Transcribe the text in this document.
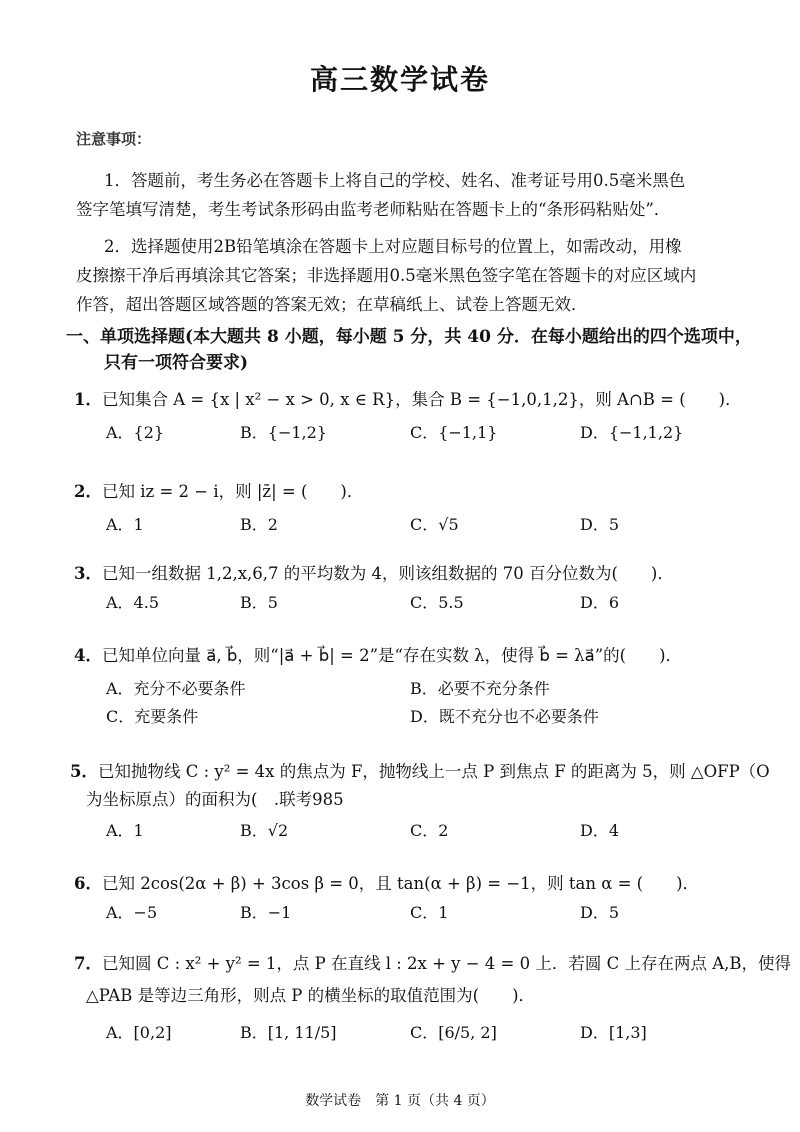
高三数学试卷
注意事项：
1．答题前，考生务必在答题卡上将自己的学校、姓名、准考证号用0.5毫米黑色
签字笔填写清楚，考生考试条形码由监考老师粘贴在答题卡上的“条形码粘贴处”．
2．选择题使用2B铅笔填涂在答题卡上对应题目标号的位置上，如需改动，用橡
皮擦擦干净后再填涂其它答案；非选择题用0.5毫米黑色签字笔在答题卡的对应区域内
作答，超出答题区域答题的答案无效；在草稿纸上、试卷上答题无效．
一、单项选择题(本大题共 8 小题，每小题 5 分，共 40 分．在每小题给出的四个选项中，
只有一项符合要求)
1．已知集合 A = {x | x² − x > 0, x ∈ R}，集合 B = {−1,0,1,2}，则 A∩B = (　　)．
A．{2}	B．{−1,2}	C．{−1,1}	D．{−1,1,2}
2．已知 iz = 2 − i，则 |z̄| = (　　)．
A．1	B．2	C．√5	D．5
3．已知一组数据 1,2,x,6,7 的平均数为 4，则该组数据的 70 百分位数为(　　)．
A．4.5	B．5	C．5.5	D．6
4．已知单位向量 a⃗, b⃗，则“|a⃗ + b⃗| = 2”是“存在实数 λ，使得 b⃗ = λa⃗”的(　　)．
A．充分不必要条件	B．必要不充分条件
C．充要条件	D．既不充分也不必要条件
5．已知抛物线 C : y² = 4x 的焦点为 F，抛物线上一点 P 到焦点 F 的距离为 5，则 △OFP（O
为坐标原点）的面积为(　.联考985
A．1	B．√2	C．2	D．4
6．已知 2cos(2α + β) + 3cos β = 0，且 tan(α + β) = −1，则 tan α = (　　)．
A．−5	B．−1	C．1	D．5
7．已知圆 C : x² + y² = 1，点 P 在直线 l : 2x + y − 4 = 0 上．若圆 C 上存在两点 A,B，使得
△PAB 是等边三角形，则点 P 的横坐标的取值范围为(　　)．
A．[0,2]	B．[1, 11/5]	C．[6/5, 2]	D．[1,3]
数学试卷　第 1 页（共 4 页）
